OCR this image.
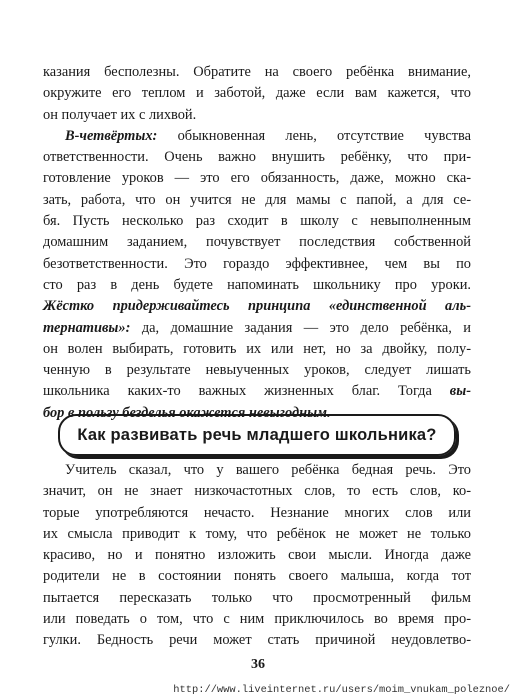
казания бесполезны. Обратите на своего ребёнка внимание,
окружите его теплом и заботой, даже если вам кажется, что
он получает их с лихвой.
В-четвёртых: обыкновенная лень, отсутствие чувства
ответственности. Очень важно внушить ребёнку, что при-
готовление уроков — это его обязанность, даже, можно ска-
зать, работа, что он учится не для мамы с папой, а для се-
бя. Пусть несколько раз сходит в школу с невыполненным
домашним заданием, почувствует последствия собственной
безответственности. Это гораздо эффективнее, чем вы по
сто раз в день будете напоминать школьнику про уроки.
Жёстко придерживайтесь принципа «единственной аль-
тернативы»: да, домашние задания — это дело ребёнка, и
он волен выбирать, готовить их или нет, но за двойку, полу-
ченную в результате невыученных уроков, следует лишать
школьника каких-то важных жизненных благ. Тогда вы-
бор в пользу безделья окажется невыгодным.
Как развивать речь младшего школьника?
Учитель сказал, что у вашего ребёнка бедная речь. Это
значит, он не знает низкочастотных слов, то есть слов, ко-
торые употребляются нечасто. Незнание многих слов или
их смысла приводит к тому, что ребёнок не может не только
красиво, но и понятно изложить свои мысли. Иногда даже
родители не в состоянии понять своего малыша, когда тот
пытается пересказать только что просмотренный фильм
или поведать о том, что с ним приключилось во время про-
гулки. Бедность речи может стать причиной неудовлетво-
36
http://www.liveinternet.ru/users/moim_vnukam_poleznoe/
